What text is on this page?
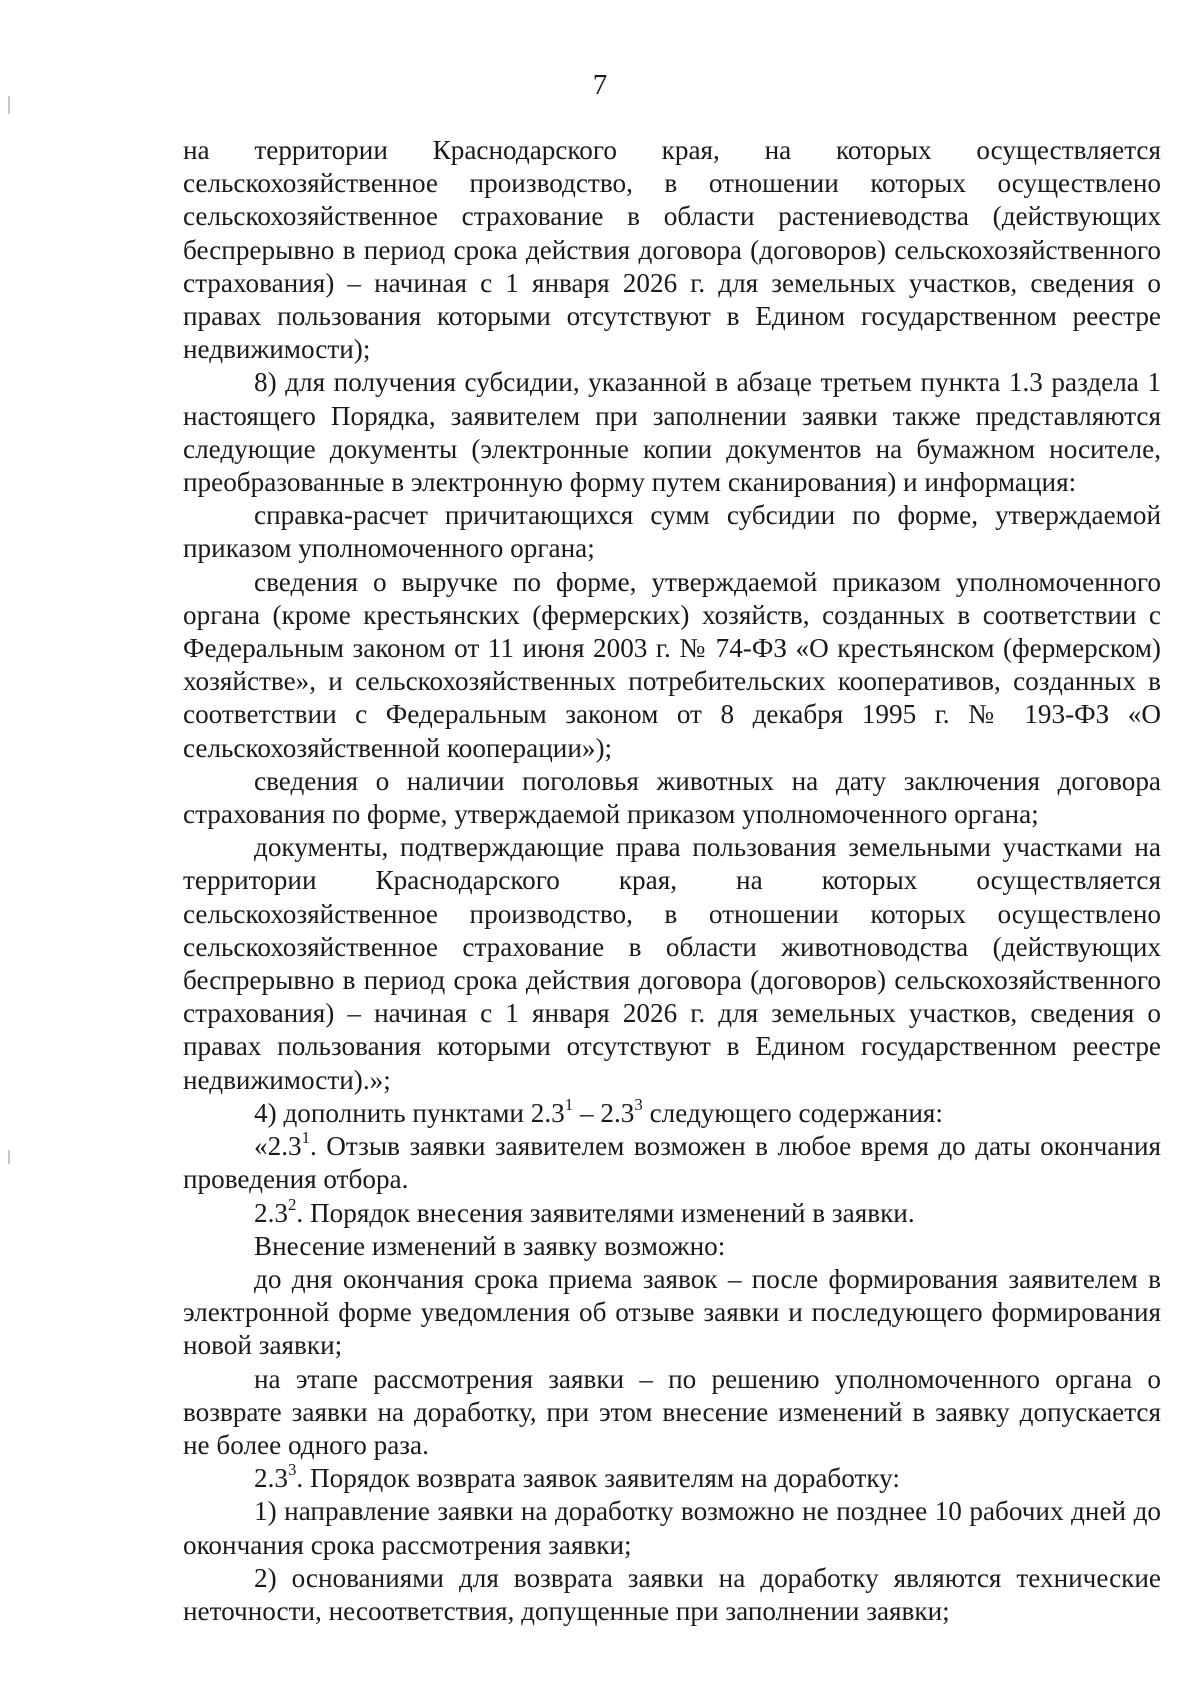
7

на территории Краснодарского края, на которых осуществляется сельскохозяйственное производство, в отношении которых осуществлено сельскохозяйственное страхование в области растениеводства (действующих беспрерывно в период срока действия договора (договоров) сельскохозяйственного страхования) – начиная с 1 января 2026 г. для земельных участков, сведения о правах пользования которыми отсутствуют в Едином государственном реестре недвижимости);

8) для получения субсидии, указанной в абзаце третьем пункта 1.3 раздела 1 настоящего Порядка, заявителем при заполнении заявки также представляются следующие документы (электронные копии документов на бумажном носителе, преобразованные в электронную форму путем сканирования) и информация:

справка-расчет причитающихся сумм субсидии по форме, утверждаемой приказом уполномоченного органа;

сведения о выручке по форме, утверждаемой приказом уполномоченного органа (кроме крестьянских (фермерских) хозяйств, созданных в соответствии с Федеральным законом от 11 июня 2003 г. № 74-ФЗ «О крестьянском (фермерском) хозяйстве», и сельскохозяйственных потребительских кооперативов, созданных в соответствии с Федеральным законом от 8 декабря 1995 г. № 193-ФЗ «О сельскохозяйственной кооперации»);

сведения о наличии поголовья животных на дату заключения договора страхования по форме, утверждаемой приказом уполномоченного органа;

документы, подтверждающие права пользования земельными участками на территории Краснодарского края, на которых осуществляется сельскохозяйственное производство, в отношении которых осуществлено сельскохозяйственное страхование в области животноводства (действующих беспрерывно в период срока действия договора (договоров) сельскохозяйственного страхования) – начиная с 1 января 2026 г. для земельных участков, сведения о правах пользования которыми отсутствуют в Едином государственном реестре недвижимости).»;

4) дополнить пунктами $2.3^1 - 2.3^3$ следующего содержания:

«$2.3^1$. Отзыв заявки заявителем возможен в любое время до даты окончания проведения отбора.

$2.3^2$. Порядок внесения заявителями изменений в заявки.

Внесение изменений в заявку возможно:

до дня окончания срока приема заявок – после формирования заявителем в электронной форме уведомления об отзыве заявки и последующего формирования новой заявки;

на этапе рассмотрения заявки – по решению уполномоченного органа о возврате заявки на доработку, при этом внесение изменений в заявку допускается не более одного раза.

$2.3^3$. Порядок возврата заявок заявителям на доработку:

1) направление заявки на доработку возможно не позднее 10 рабочих дней до окончания срока рассмотрения заявки;

2) основаниями для возврата заявки на доработку являются технические неточности, несоответствия, допущенные при заполнении заявки;
